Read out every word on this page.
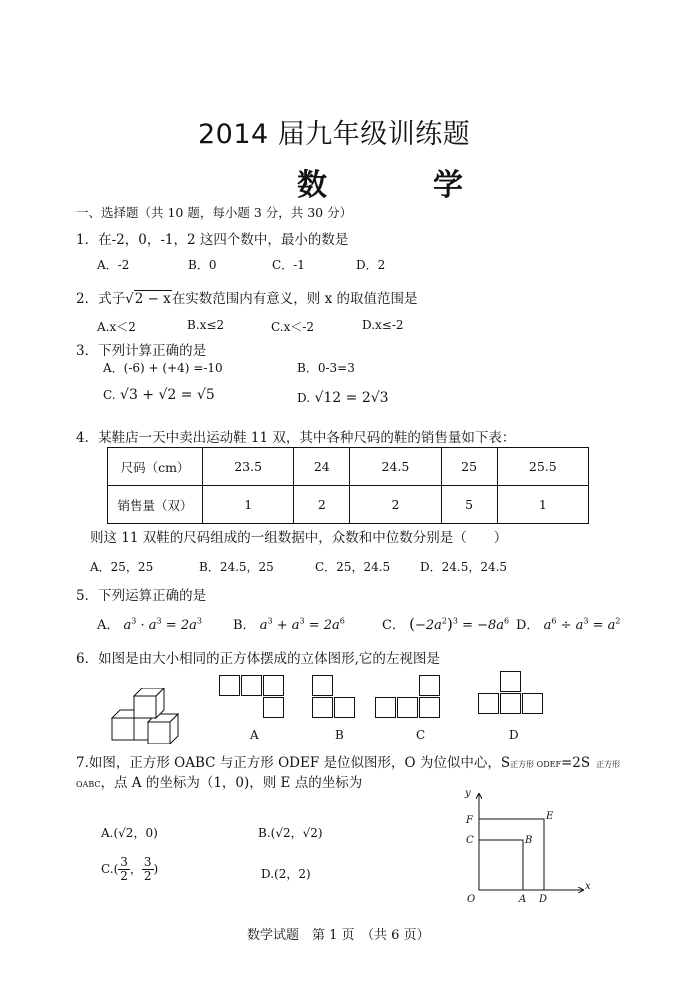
2014 届九年级训练题
数　学
一、选择题（共 10 题，每小题 3 分，共 30 分）
1．在-2，0，-1，2 这四个数中，最小的数是
A．-2	B．0	C．-1	D．2
2．式子√2 − x在实数范围内有意义，则 x 的取值范围是
A.x＜2	B.x≤2	C.x＜-2	D.x≤-2
3．下列计算正确的是
A．(-6) + (+4) =-10	B．0-3=3
C. √3 + √2 = √5	D. √12 = 2√3
4．某鞋店一天中卖出运动鞋 11 双，其中各种尺码的鞋的销售量如下表：
尺码（cm）	23.5	24	24.5	25	25.5
销售量（双）	1	2	2	5	1
则这 11 双鞋的尺码组成的一组数据中，众数和中位数分别是（　　）
A．25，25	B．24.5，25	C．25，24.5 D．24.5，24.5
5．下列运算正确的是
A． $a^3 \cdot a^3 = 2a^3$ B． $a^3 + a^3 = 2a^6$	C． $(-2a^2)^3 = -8a^6$ D． $a^6 \div a^3 = a^2$
6．如图是由大小相同的正方体摆成的立体图形,它的左视图是
A	B	C	D
7.如图，正方形 OABC 与正方形 ODEF 是位似图形，O 为位似中心，S正方形 ODEF=2S 正方形
OABC，点 A 的坐标为（1，0)，则 E 点的坐标为
A.(√2，0)	B.(√2，√2)
$C.( \frac{3}{2}$ ， $\frac{3}{2}$ )	D.(2，2)
y
x
O	A D
B
C
E
F
数学试题　第 1 页　（共 6 页）
